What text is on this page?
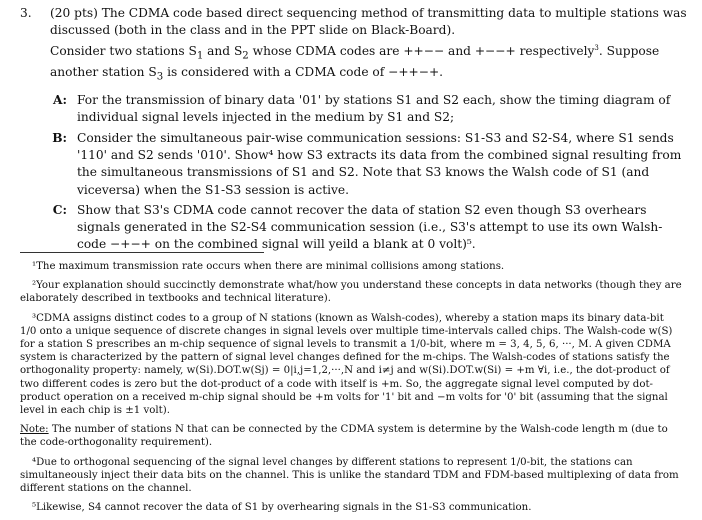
3.	(20 pts) The CDMA code based direct sequencing method of transmitting data to multiple stations was discussed (both in the class and in the PPT slide on Black-Board).
Consider two stations $S_1$ and $S_2$ whose CDMA codes are ++−− and +−−+ respectively$^3$. Suppose another station $S_3$ is considered with a CDMA code of −++−+.
A: For the transmission of binary data '01' by stations S1 and S2 each, show the timing diagram of individual signal levels injected in the medium by S1 and S2;
B: Consider the simultaneous pair-wise communication sessions: S1-S3 and S2-S4, where S1 sends '110' and S2 sends '010'. Show⁴ how S3 extracts its data from the combined signal resulting from the simultaneous transmissions of S1 and S2. Note that S3 knows the Walsh code of S1 (and viceversa) when the S1-S3 session is active.
C: Show that S3's CDMA code cannot recover the data of station S2 even though S3 overhears signals generated in the S2-S4 communication session (i.e., S3's attempt to use its own Walsh-code −+−+ on the combined signal will yeild a blank at 0 volt)⁵.
¹The maximum transmission rate occurs when there are minimal collisions among stations.
²Your explanation should succinctly demonstrate what/how you understand these concepts in data networks (though they are elaborately described in textbooks and technical literature).
³CDMA assigns distinct codes to a group of N stations (known as Walsh-codes), whereby a station maps its binary data-bit 1/0 onto a unique sequence of discrete changes in signal levels over multiple time-intervals called chips. The Walsh-code w(S) for a station S prescribes an m-chip sequence of signal levels to transmit a 1/0-bit, where m = 3, 4, 5, 6, ···, M. A given CDMA system is characterized by the pattern of signal level changes defined for the m-chips. The Walsh-codes of stations satisfy the orthogonality property: namely, w(Si).DOT.w(Sj) = 0|i,j=1,2,···,N and i≠j and w(Si).DOT.w(Si) = +m ∀i, i.e., the dot-product of two different codes is zero but the dot-product of a code with itself is +m. So, the aggregate signal level computed by dot-product operation on a received m-chip signal should be +m volts for '1' bit and −m volts for '0' bit (assuming that the signal level in each chip is ±1 volt).
Note: The number of stations N that can be connected by the CDMA system is determine by the Walsh-code length m (due to the code-orthogonality requirement).
⁴Due to orthogonal sequencing of the signal level changes by different stations to represent 1/0-bit, the stations can simultaneously inject their data bits on the channel. This is unlike the standard TDM and FDM-based multiplexing of data from different stations on the channel.
⁵Likewise, S4 cannot recover the data of S1 by overhearing signals in the S1-S3 communication.
